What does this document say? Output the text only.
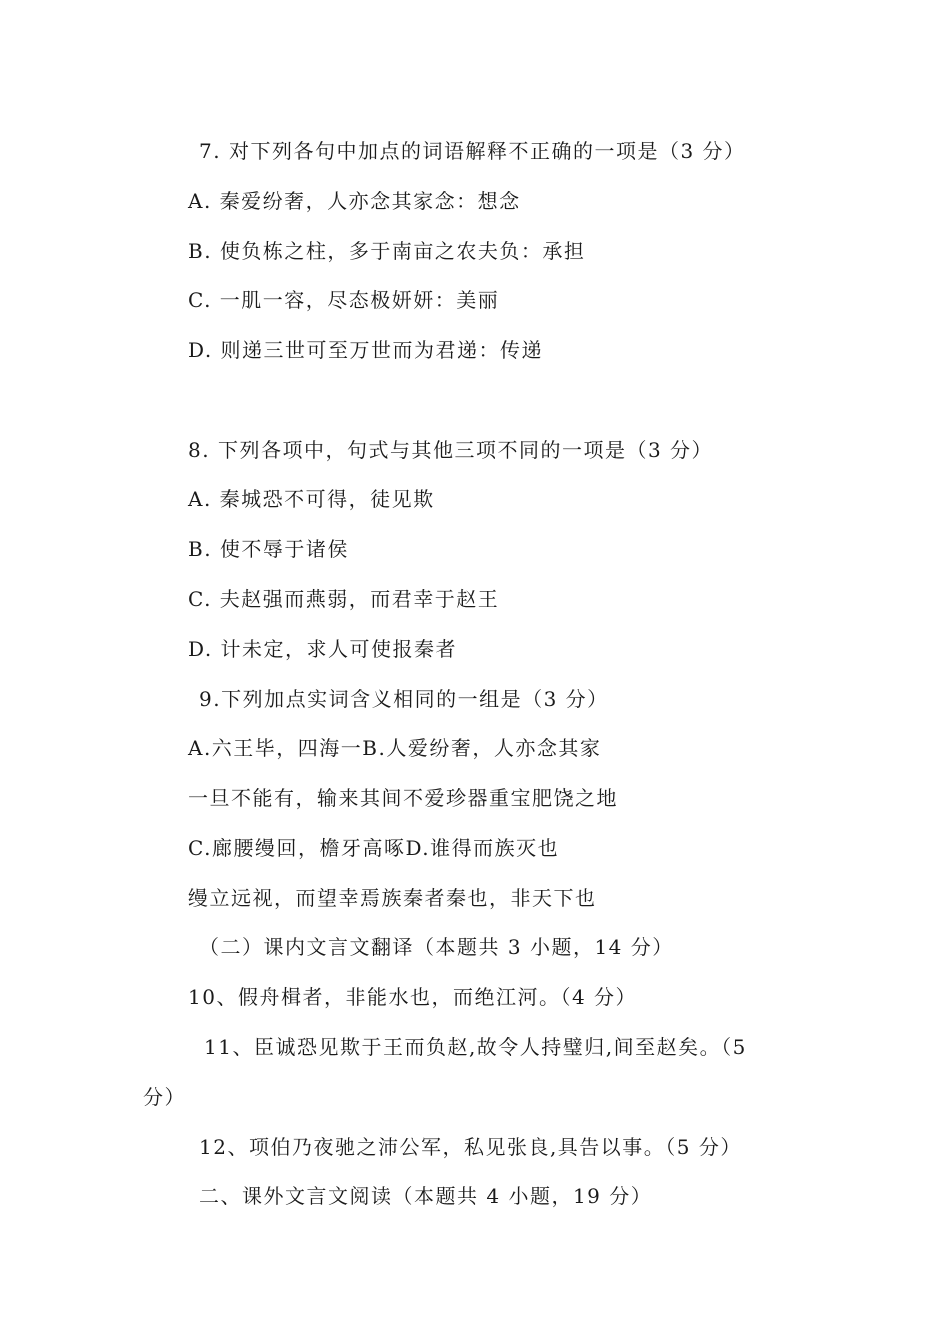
7. 对下列各句中加点的词语解释不正确的一项是（3 分）
A. 秦爱纷奢，人亦念其家念：想念
B. 使负栋之柱，多于南亩之农夫负：承担
C. 一肌一容，尽态极妍妍：美丽
D. 则递三世可至万世而为君递：传递
8. 下列各项中，句式与其他三项不同的一项是（3 分）
A. 秦城恐不可得，徒见欺
B. 使不辱于诸侯
C. 夫赵强而燕弱，而君幸于赵王
D. 计未定，求人可使报秦者
9.下列加点实词含义相同的一组是（3 分）
A.六王毕，四海一B.人爱纷奢，人亦念其家
一旦不能有，输来其间不爱珍器重宝肥饶之地
C.廊腰缦回，檐牙高啄D.谁得而族灭也
缦立远视，而望幸焉族秦者秦也，非天下也
（二）课内文言文翻译（本题共 3 小题，14 分）
10、假舟楫者，非能水也，而绝江河。（4 分）
11、臣诚恐见欺于王而负赵,故令人持璧归,间至赵矣。（5
分）
12、项伯乃夜驰之沛公军，私见张良,具告以事。（5 分）
二、课外文言文阅读（本题共 4 小题，19 分）
